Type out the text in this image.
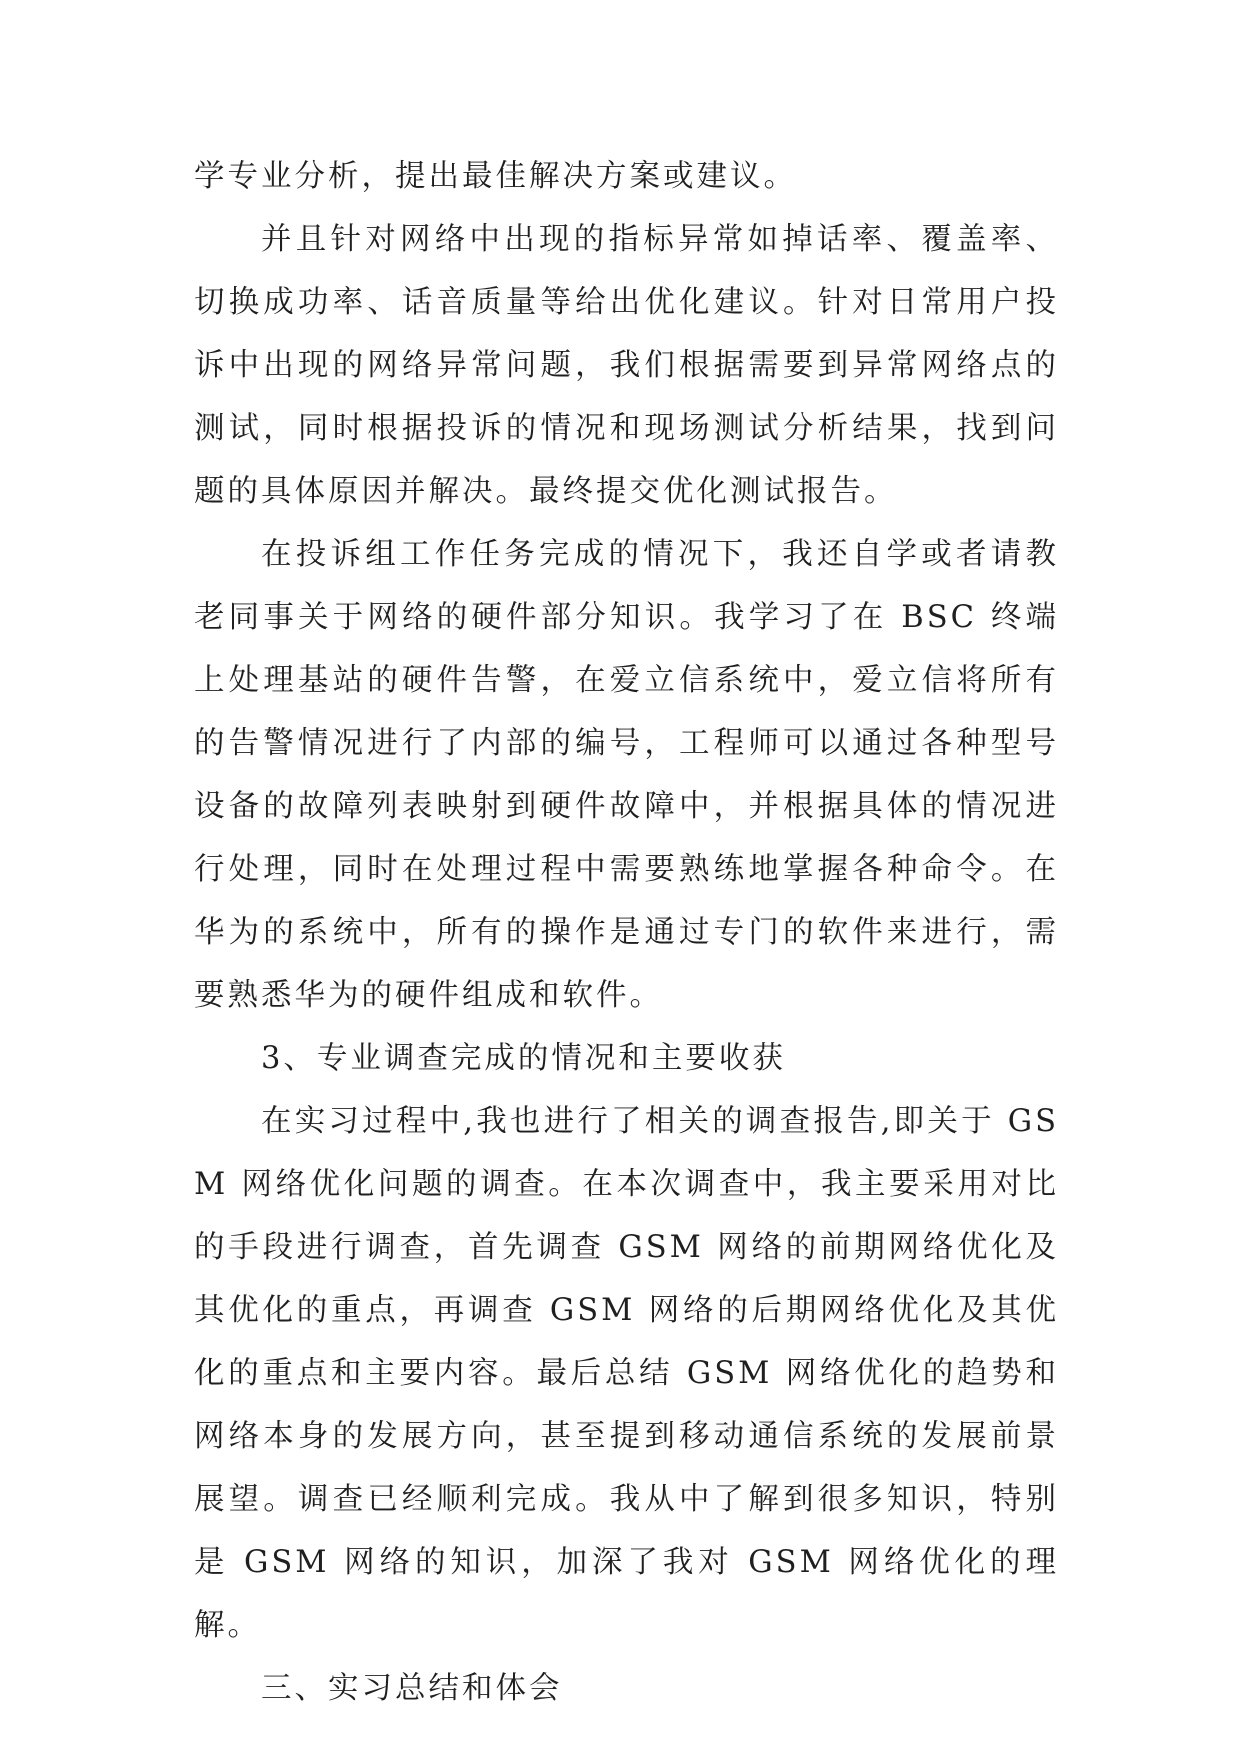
学专业分析，提出最佳解决方案或建议。

并且针对网络中出现的指标异常如掉话率、覆盖率、切换成功率、话音质量等给出优化建议。针对日常用户投诉中出现的网络异常问题，我们根据需要到异常网络点的测试，同时根据投诉的情况和现场测试分析结果，找到问题的具体原因并解决。最终提交优化测试报告。

在投诉组工作任务完成的情况下，我还自学或者请教老同事关于网络的硬件部分知识。我学习了在 BSC 终端上处理基站的硬件告警，在爱立信系统中，爱立信将所有的告警情况进行了内部的编号，工程师可以通过各种型号设备的故障列表映射到硬件故障中，并根据具体的情况进行处理，同时在处理过程中需要熟练地掌握各种命令。在华为的系统中，所有的操作是通过专门的软件来进行，需要熟悉华为的硬件组成和软件。

3、专业调查完成的情况和主要收获

在实习过程中,我也进行了相关的调查报告,即关于 GSM 网络优化问题的调查。在本次调查中，我主要采用对比的手段进行调查，首先调查 GSM 网络的前期网络优化及其优化的重点，再调查 GSM 网络的后期网络优化及其优化的重点和主要内容。最后总结 GSM 网络优化的趋势和网络本身的发展方向，甚至提到移动通信系统的发展前景展望。调查已经顺利完成。我从中了解到很多知识，特别是 GSM 网络的知识，加深了我对 GSM 网络优化的理解。

三、实习总结和体会
